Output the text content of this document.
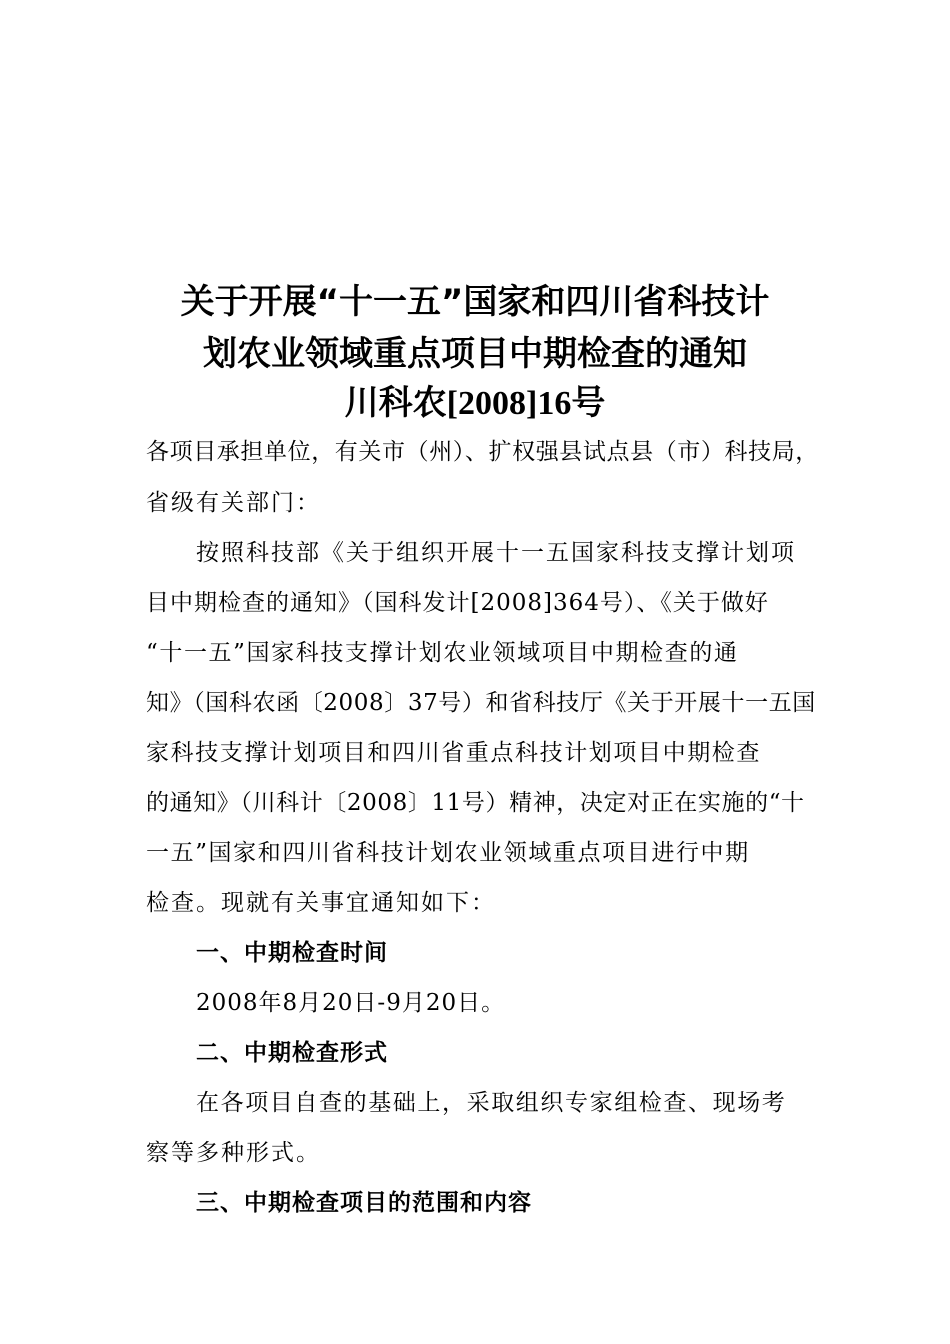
关于开展“十一五”国家和四川省科技计
划农业领域重点项目中期检查的通知
川科农[2008]16号
各项目承担单位，有关市（州）、扩权强县试点县（市）科技局，
省级有关部门：
按照科技部《关于组织开展十一五国家科技支撑计划项
目中期检查的通知》（国科发计[2008]364号）、《关于做好
“十一五”国家科技支撑计划农业领域项目中期检查的通
知》（国科农函〔2008〕37号）和省科技厅《关于开展十一五国
家科技支撑计划项目和四川省重点科技计划项目中期检查
的通知》（川科计〔2008〕11号）精神，决定对正在实施的“十
一五”国家和四川省科技计划农业领域重点项目进行中期
检查。现就有关事宜通知如下：
一、中期检查时间
2008年8月20日-9月20日。
二、中期检查形式
在各项目自查的基础上，采取组织专家组检查、现场考
察等多种形式。
三、中期检查项目的范围和内容
